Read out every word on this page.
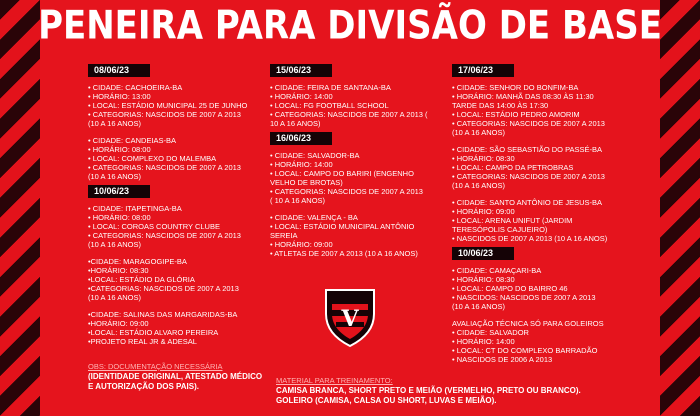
PENEIRA PARA DIVISÃO DE BASE
08/06/23
• CIDADE: CACHOEIRA-BA
• HORÁRIO: 13:00
• LOCAL: ESTÁDIO MUNICIPAL 25 DE JUNHO
• CATEGORIAS: NASCIDOS DE 2007 A 2013
(10 A 16 ANOS)
• CIDADE: CANDEIAS-BA
• HORÁRIO: 08:00
• LOCAL: COMPLEXO DO MALEMBA
• CATEGORIAS: NASCIDOS DE 2007 A 2013
(10 A 16 ANOS)
10/06/23
• CIDADE: ITAPETINGA-BA
• HORÁRIO: 08:00
• LOCAL: COROAS COUNTRY CLUBE
• CATEGORIAS: NASCIDOS DE 2007 A 2013
(10 A 16 ANOS)
•CIDADE: MARAGOGIPE-BA
•HORÁRIO: 08:30
•LOCAL: ESTÁDIO DA GLÓRIA
•CATEGORIAS: NASCIDOS DE 2007 A 2013
(10 A 16 ANOS)
•CIDADE: SALINAS DAS MARGARIDAS-BA
•HORÁRIO: 09:00
•LOCAL: ESTÁDIO ALVARO PEREIRA
•PROJETO REAL JR & ADESAL
15/06/23
• CIDADE: FEIRA DE SANTANA-BA
• HORÁRIO: 14:00
• LOCAL: FG FOOTBALL SCHOOL
• CATEGORIAS: NASCIDOS DE 2007 A 2013 (
10 A 16 ANOS)
16/06/23
• CIDADE: SALVADOR-BA
• HORÁRIO: 14:00
• LOCAL: CAMPO DO BARIRI (ENGENHO
VELHO DE BROTAS)
• CATEGORIAS: NASCIDOS DE 2007 A 2013
( 10 A 16 ANOS)
• CIDADE: VALENÇA - BA
• LOCAL: ESTÁDIO MUNICIPAL ANTÔNIO
SEREIA
• HORÁRIO: 09:00
• ATLETAS DE 2007 A 2013 (10 A 16 ANOS)
17/06/23
• CIDADE: SENHOR DO BONFIM-BA
• HORÁRIO: MANHÃ DAS 08:30 ÀS 11:30
TARDE DAS 14:00 ÀS 17:30
• LOCAL: ESTÁDIO PEDRO AMORIM
• CATEGORIAS: NASCIDOS DE 2007 A 2013
(10 A 16 ANOS)
• CIDADE: SÃO SEBASTIÃO DO PASSÉ-BA
• HORÁRIO: 08:30
• LOCAL: CAMPO DA PETROBRAS
• CATEGORIAS: NASCIDOS DE 2007 A 2013
(10 A 16 ANOS)
• CIDADE: SANTO ANTÔNIO DE JESUS-BA
• HORÁRIO: 09:00
• LOCAL: ARENA UNIFUT (JARDIM
TERESÓPOLIS CAJUEIRO)
• NASCIDOS DE 2007 A 2013 (10 A 16 ANOS)
10/06/23
• CIDADE: CAMAÇARI-BA
• HORÁRIO: 08:30
• LOCAL: CAMPO DO BAIRRO 46
• NASCIDOS: NASCIDOS DE 2007 A 2013
(10 A 16 ANOS)
AVALIAÇÃO TÉCNICA SÓ PARA GOLEIROS
• CIDADE: SALVADOR
• HORÁRIO: 14:00
• LOCAL: CT DO COMPLEXO BARRADÃO
• NASCIDOS DE 2006 A 2013
V
OBS: DOCUMENTAÇÃO NECESSÁRIA
(IDENTIDADE ORIGINAL, ATESTADO MÉDICO E AUTORIZAÇÃO DOS PAIS).
MATERIAL PARA TREINAMENTO:
CAMISA BRANCA, SHORT PRETO E MEIÃO (VERMELHO, PRETO OU BRANCO). GOLEIRO (CAMISA, CALSA OU SHORT, LUVAS E MEIÃO).
